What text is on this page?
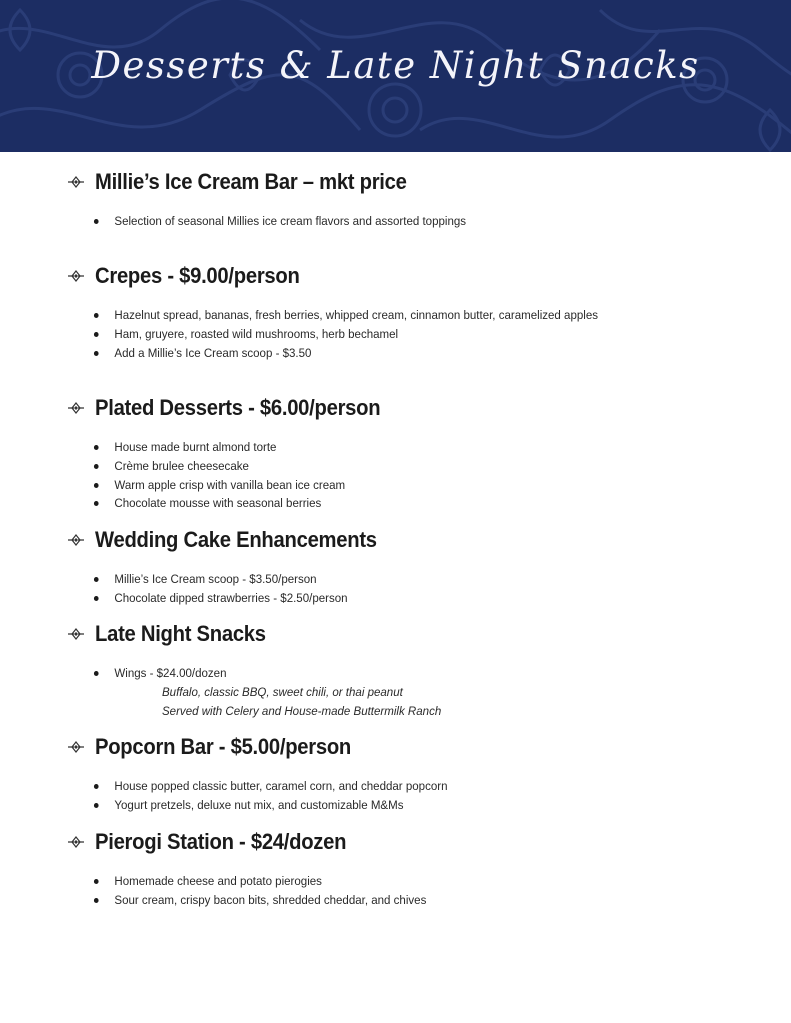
Desserts & Late Night Snacks
Millie’s Ice Cream Bar – mkt price
Selection of seasonal Millies ice cream flavors and assorted toppings
Crepes - $9.00/person
Hazelnut spread, bananas, fresh berries, whipped cream, cinnamon butter, caramelized apples
Ham, gruyere, roasted wild mushrooms, herb bechamel
Add a Millie’s Ice Cream scoop - $3.50
Plated Desserts - $6.00/person
House made burnt almond torte
Crème brulee cheesecake
Warm apple crisp with vanilla bean ice cream
Chocolate mousse with seasonal berries
Wedding Cake Enhancements
Millie’s Ice Cream scoop - $3.50/person
Chocolate dipped strawberries - $2.50/person
Late Night Snacks
Wings - $24.00/dozen
Buffalo, classic BBQ, sweet chili, or thai peanut
Served with Celery and House-made Buttermilk Ranch
Popcorn Bar - $5.00/person
House popped classic butter, caramel corn, and cheddar popcorn
Yogurt pretzels, deluxe nut mix, and customizable M&Ms
Pierogi Station - $24/dozen
Homemade cheese and potato pierogies
Sour cream, crispy bacon bits, shredded cheddar, and chives
